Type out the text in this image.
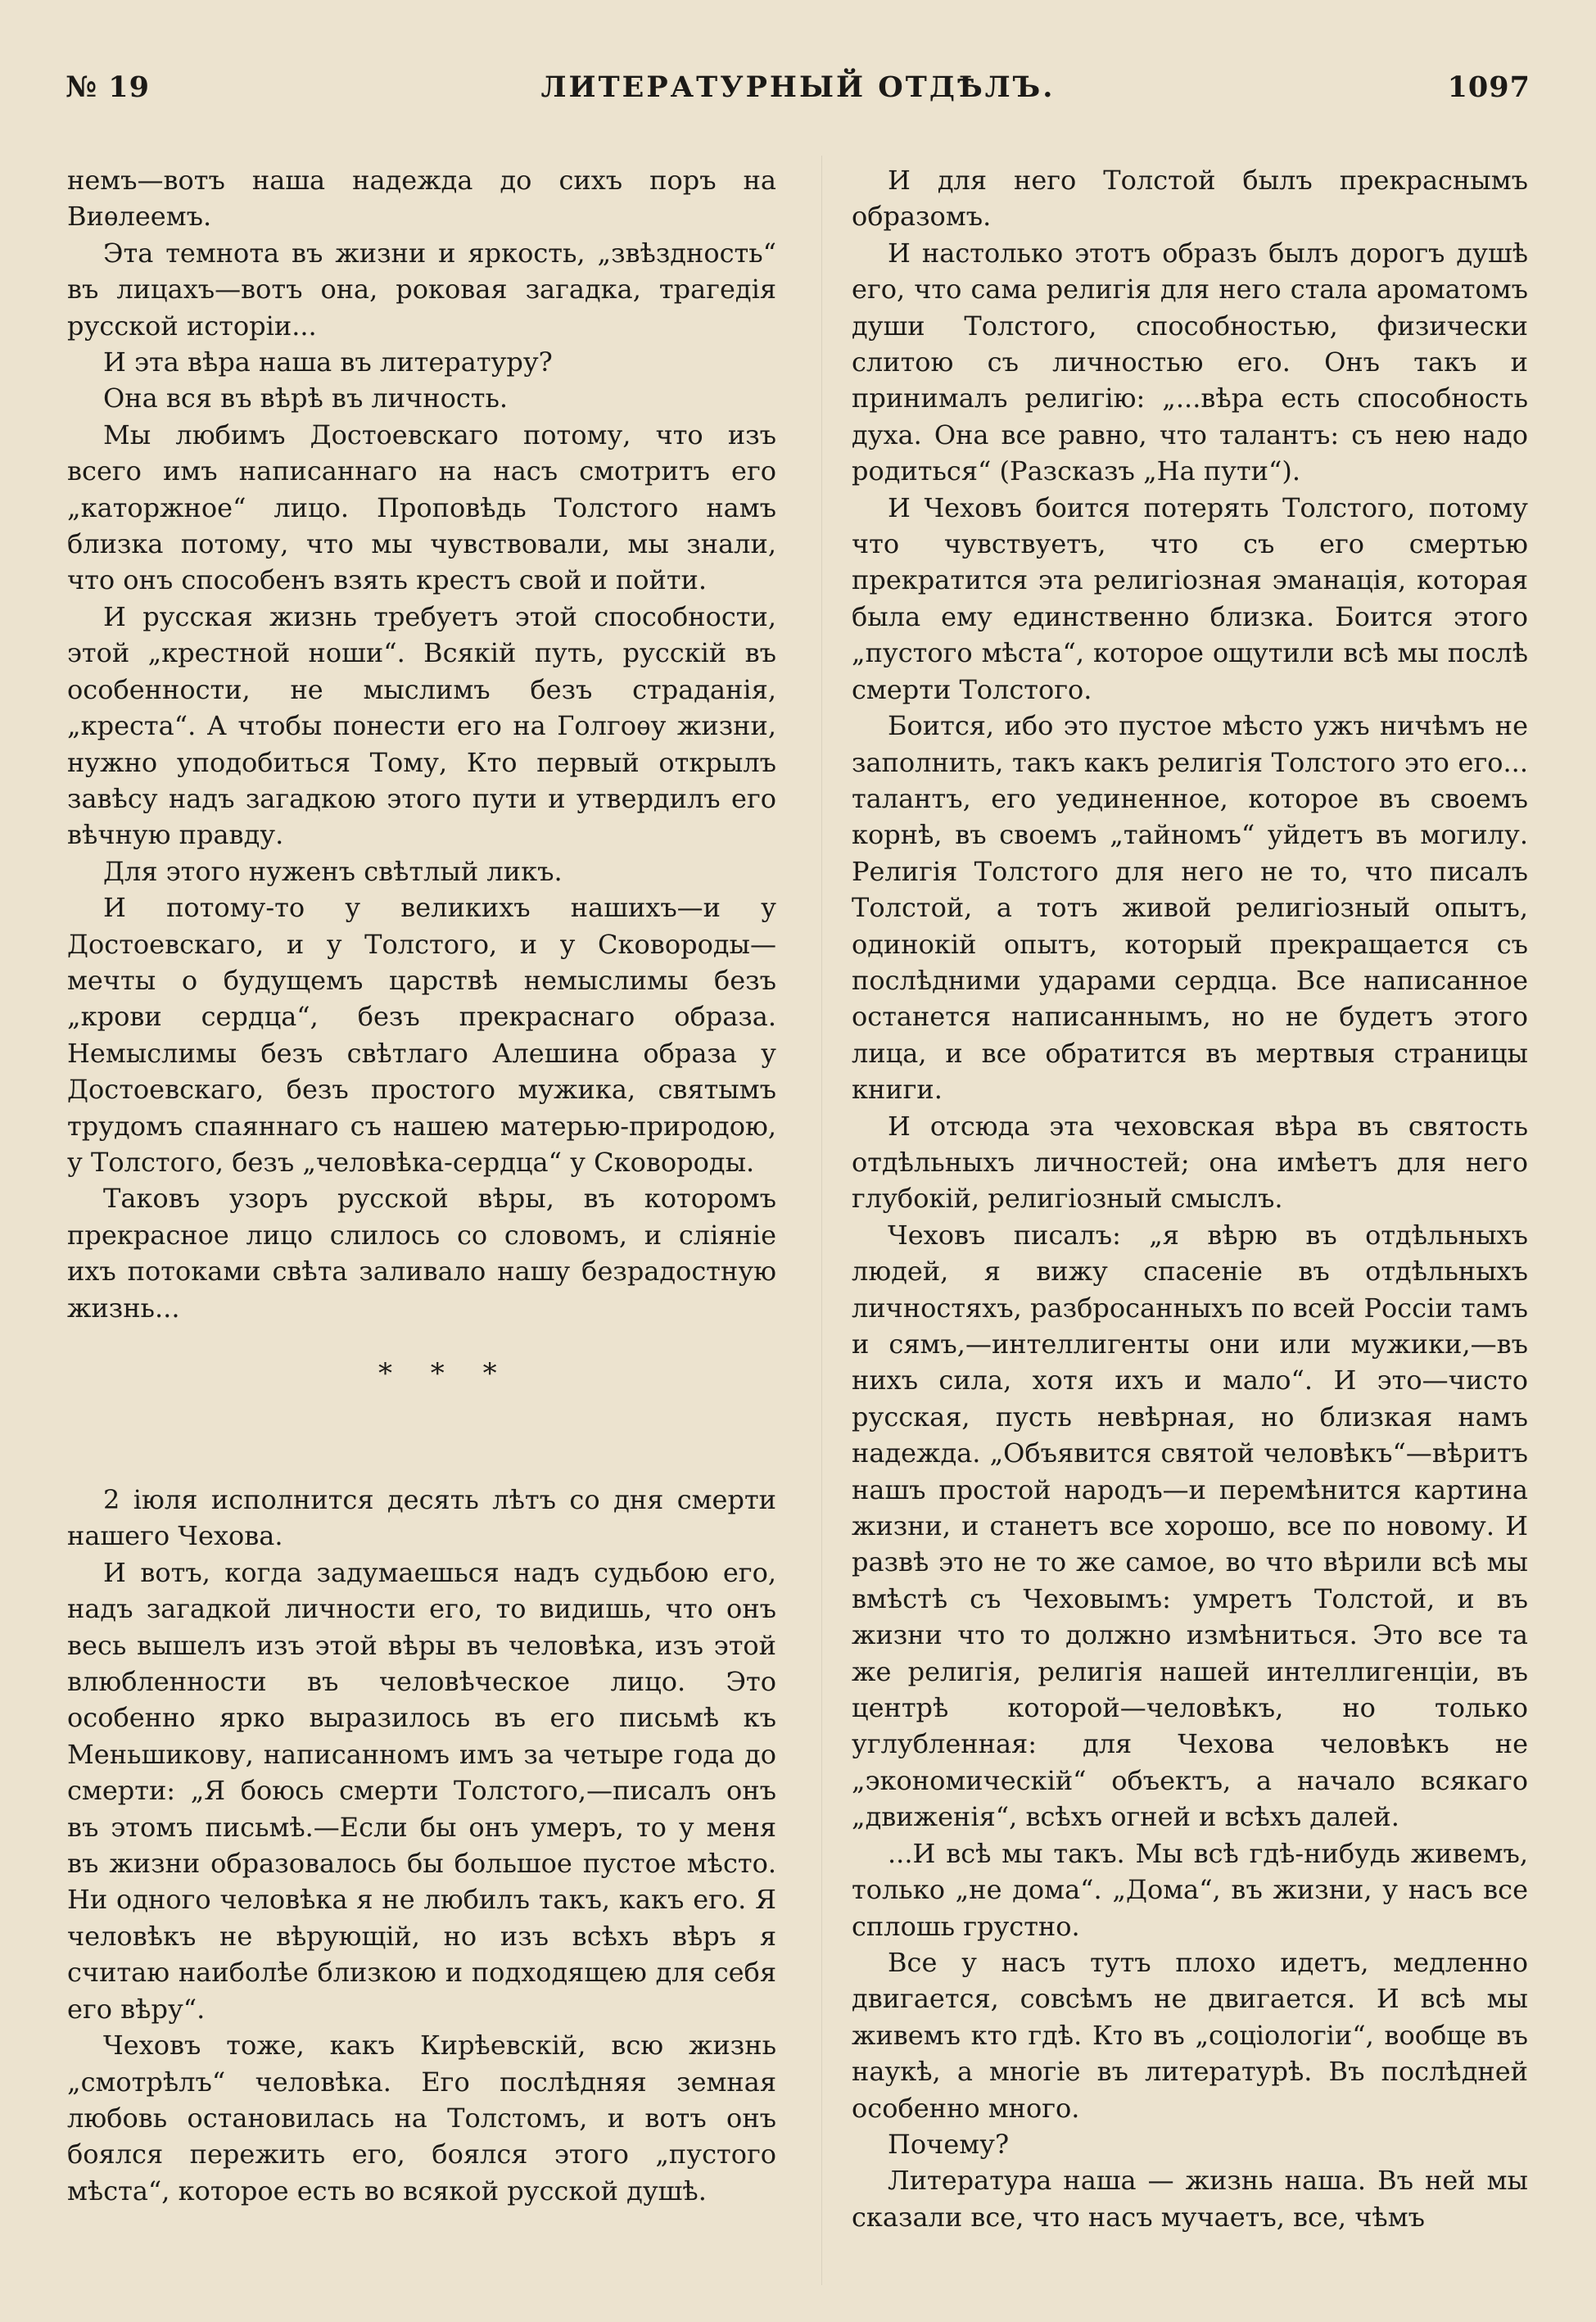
№ 19	ЛИТЕРАТУРНЫЙ ОТДѢЛЪ.	1097

немъ—вотъ наша надежда до сихъ поръ на Виѳлеемъ.

Эта темнота въ жизни и яркость, „звѣздность“ въ лицахъ—вотъ она, роковая загадка, трагедія русской исторіи...

И эта вѣра наша въ литературу?

Она вся въ вѣрѣ въ личность.

Мы любимъ Достоевскаго потому, что изъ всего имъ написаннаго на насъ смотритъ его „каторжное“ лицо. Проповѣдь Толстого намъ близка потому, что мы чувствовали, мы знали, что онъ способенъ взять крестъ свой и пойти.

И русская жизнь требуетъ этой способности, этой „крестной ноши“. Всякій путь, русскій въ особенности, не мыслимъ безъ страданія, „креста“. А чтобы понести его на Голгоѳу жизни, нужно уподобиться Тому, Кто первый открылъ завѣсу надъ загадкою этого пути и утвердилъ его вѣчную правду.

Для этого нуженъ свѣтлый ликъ.

И потому-то у великихъ нашихъ—и у Достоевскаго, и у Толстого, и у Сковороды—мечты о будущемъ царствѣ немыслимы безъ „крови сердца“, безъ прекраснаго образа. Немыслимы безъ свѣтлаго Алешина образа у Достоевскаго, безъ простого мужика, святымъ трудомъ спаяннаго съ нашею матерью-природою, у Толстого, безъ „человѣка-сердца“ у Сковороды.

Таковъ узоръ русской вѣры, въ которомъ прекрасное лицо слилось со словомъ, и сліяніе ихъ потоками свѣта заливало нашу безрадостную жизнь...

* * *

2 іюля исполнится десять лѣтъ со дня смерти нашего Чехова.

И вотъ, когда задумаешься надъ судьбою его, надъ загадкой личности его, то видишь, что онъ весь вышелъ изъ этой вѣры въ человѣка, изъ этой влюбленности въ человѣческое лицо. Это особенно ярко выразилось въ его письмѣ къ Меньшикову, написанномъ имъ за четыре года до смерти: „Я боюсь смерти Толстого,—писалъ онъ въ этомъ письмѣ.—Если бы онъ умеръ, то у меня въ жизни образовалось бы большое пустое мѣсто. Ни одного человѣка я не любилъ такъ, какъ его. Я человѣкъ не вѣрующій, но изъ всѣхъ вѣръ я считаю наиболѣе близкою и подходящею для себя его вѣру“.

Чеховъ тоже, какъ Кирѣевскій, всю жизнь „смотрѣлъ“ человѣка. Его послѣдняя земная любовь остановилась на Толстомъ, и вотъ онъ боялся пережить его, боялся этого „пустого мѣста“, которое есть во всякой русской душѣ.

И для него Толстой былъ прекраснымъ образомъ.

И настолько этотъ образъ былъ дорогъ душѣ его, что сама религія для него стала ароматомъ души Толстого, способностью, физически слитою съ личностью его. Онъ такъ и принималъ религію: „...вѣра есть способность духа. Она все равно, что талантъ: съ нею надо родиться“ (Разсказъ „На пути“).

И Чеховъ боится потерять Толстого, потому что чувствуетъ, что съ его смертью прекратится эта религіозная эманація, которая была ему единственно близка. Боится этого „пустого мѣста“, которое ощутили всѣ мы послѣ смерти Толстого.

Боится, ибо это пустое мѣсто ужъ ничѣмъ не заполнить, такъ какъ религія Толстого это его... талантъ, его уединенное, которое въ своемъ корнѣ, въ своемъ „тайномъ“ уйдетъ въ могилу. Религія Толстого для него не то, что писалъ Толстой, а тотъ живой религіозный опытъ, одинокій опытъ, который прекращается съ послѣдними ударами сердца. Все написанное останется написаннымъ, но не будетъ этого лица, и все обратится въ мертвыя страницы книги.

И отсюда эта чеховская вѣра въ святость отдѣльныхъ личностей; она имѣетъ для него глубокій, религіозный смыслъ.

Чеховъ писалъ: „я вѣрю въ отдѣльныхъ людей, я вижу спасеніе въ отдѣльныхъ личностяхъ, разбросанныхъ по всей Россіи тамъ и сямъ,—интеллигенты они или мужики,—въ нихъ сила, хотя ихъ и мало“. И это—чисто русская, пусть невѣрная, но близкая намъ надежда. „Объявится святой человѣкъ“—вѣритъ нашъ простой народъ—и перемѣнится картина жизни, и станетъ все хорошо, все по новому. И развѣ это не то же самое, во что вѣрили всѣ мы вмѣстѣ съ Чеховымъ: умретъ Толстой, и въ жизни что то должно измѣниться. Это все та же религія, религія нашей интеллигенціи, въ центрѣ которой—человѣкъ, но только углубленная: для Чехова человѣкъ не „экономическій“ объектъ, а начало всякаго „движенія“, всѣхъ огней и всѣхъ далей.

...И всѣ мы такъ. Мы всѣ гдѣ-нибудь живемъ, только „не дома“. „Дома“, въ жизни, у насъ все сплошь грустно.

Все у насъ тутъ плохо идетъ, медленно двигается, совсѣмъ не двигается. И всѣ мы живемъ кто гдѣ. Кто въ „соціологіи“, вообще въ наукѣ, а многіе въ литературѣ. Въ послѣдней особенно много.

Почему?

Литература наша — жизнь наша. Въ ней мы сказали все, что насъ мучаетъ, все, чѣмъ
